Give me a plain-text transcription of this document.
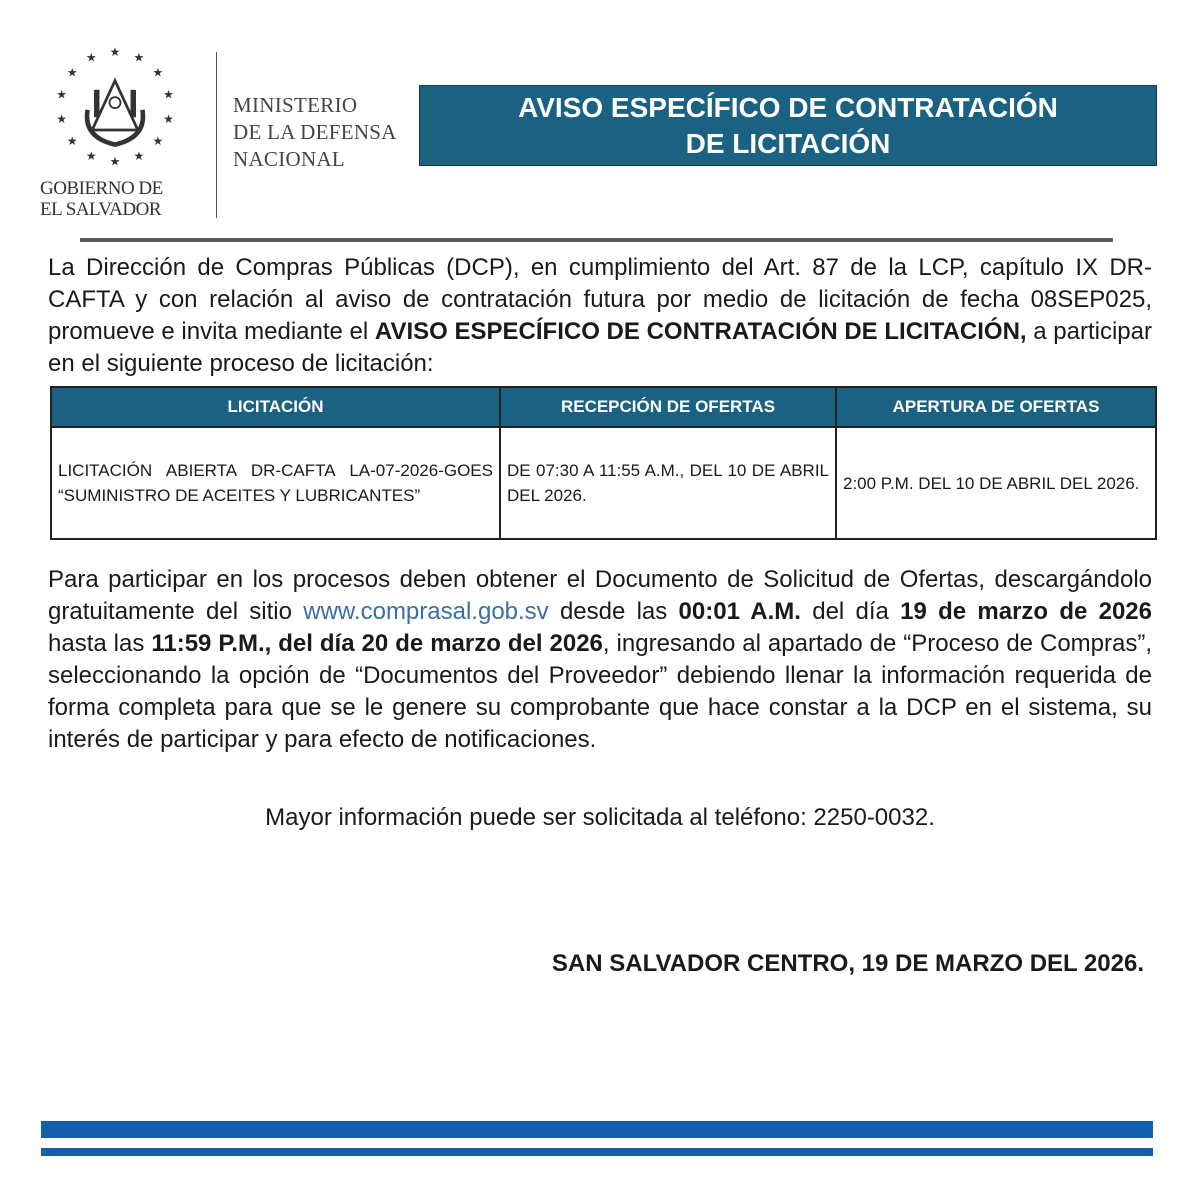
★ ★
★
★
★
★
★
★
★
★
★
★
★
★
GOBIERNO DE
EL SALVADOR
MINISTERIO
DE LA DEFENSA
NACIONAL
AVISO ESPECÍFICO DE CONTRATACIÓN
DE LICITACIÓN

La Dirección de Compras Públicas (DCP), en cumplimiento del Art. 87 de la LCP, capítulo IX DR-CAFTA y con relación al aviso de contratación futura por medio de licitación de fecha 08SEP025, promueve e invita mediante el AVISO ESPECÍFICO DE CONTRATACIÓN DE LICITACIÓN, a participar en el siguiente proceso de licitación:

LICITACIÓN	RECEPCIÓN DE OFERTAS	APERTURA DE OFERTAS
LICITACIÓN ABIERTA DR-CAFTA LA-07-2026-GOES “SUMINISTRO DE ACEITES Y LUBRICANTES”	DE 07:30 A 11:55 A.M., DEL 10 DE ABRIL DEL 2026.	2:00 P.M. DEL 10 DE ABRIL DEL 2026.

Para participar en los procesos deben obtener el Documento de Solicitud de Ofertas, descargándolo gratuitamente del sitio www.comprasal.gob.sv desde las 00:01 A.M. del día 19 de marzo de 2026 hasta las 11:59 P.M., del día 20 de marzo del 2026, ingresando al apartado de “Proceso de Compras”, seleccionando la opción de “Documentos del Proveedor” debiendo llenar la información requerida de forma completa para que se le genere su comprobante que hace constar a la DCP en el sistema, su interés de participar y para efecto de notificaciones.

Mayor información puede ser solicitada al teléfono: 2250-0032.
SAN SALVADOR CENTRO, 19 DE MARZO DEL 2026.
